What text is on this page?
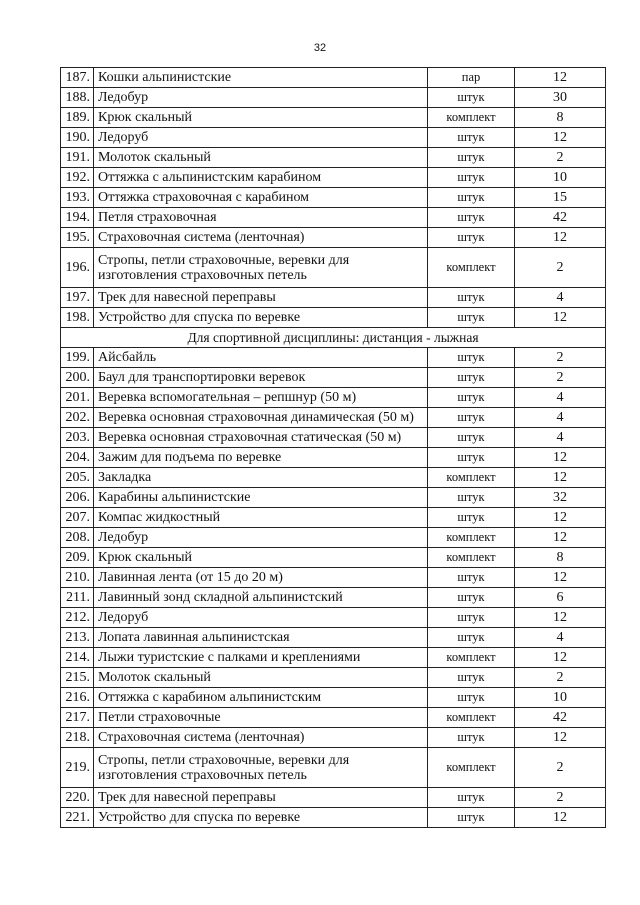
32
187.	Кошки альпинистские	пар	12
188.	Ледобур	штук	30
189.	Крюк скальный	комплект	8
190.	Ледоруб	штук	12
191.	Молоток скальный	штук	2
192.	Оттяжка с альпинистским карабином	штук	10
193.	Оттяжка страховочная с карабином	штук	15
194.	Петля страховочная	штук	42
195.	Страховочная система (ленточная)	штук	12
196.	Стропы, петли страховочные, веревки для изготовления страховочных петель	комплект	2
197.	Трек для навесной переправы	штук	4
198.	Устройство для спуска по веревке	штук	12
Для спортивной дисциплины: дистанция - лыжная			
199.	Айсбайль	штук	2
200.	Баул для транспортировки веревок	штук	2
201.	Веревка вспомогательная – репшнур (50 м)	штук	4
202.	Веревка основная страховочная динамическая (50 м)	штук	4
203.	Веревка основная страховочная статическая (50 м)	штук	4
204.	Зажим для подъема по веревке	штук	12
205.	Закладка	комплект	12
206.	Карабины альпинистские	штук	32
207.	Компас жидкостный	штук	12
208.	Ледобур	комплект	12
209.	Крюк скальный	комплект	8
210.	Лавинная лента (от 15 до 20 м)	штук	12
211.	Лавинный зонд складной альпинистский	штук	6
212.	Ледоруб	штук	12
213.	Лопата лавинная альпинистская	штук	4
214.	Лыжи туристские с палками и креплениями	комплект	12
215.	Молоток скальный	штук	2
216.	Оттяжка с карабином альпинистским	штук	10
217.	Петли страховочные	комплект	42
218.	Страховочная система (ленточная)	штук	12
219.	Стропы, петли страховочные, веревки для изготовления страховочных петель	комплект	2
220.	Трек для навесной переправы	штук	2
221.	Устройство для спуска по веревке	штук	12
